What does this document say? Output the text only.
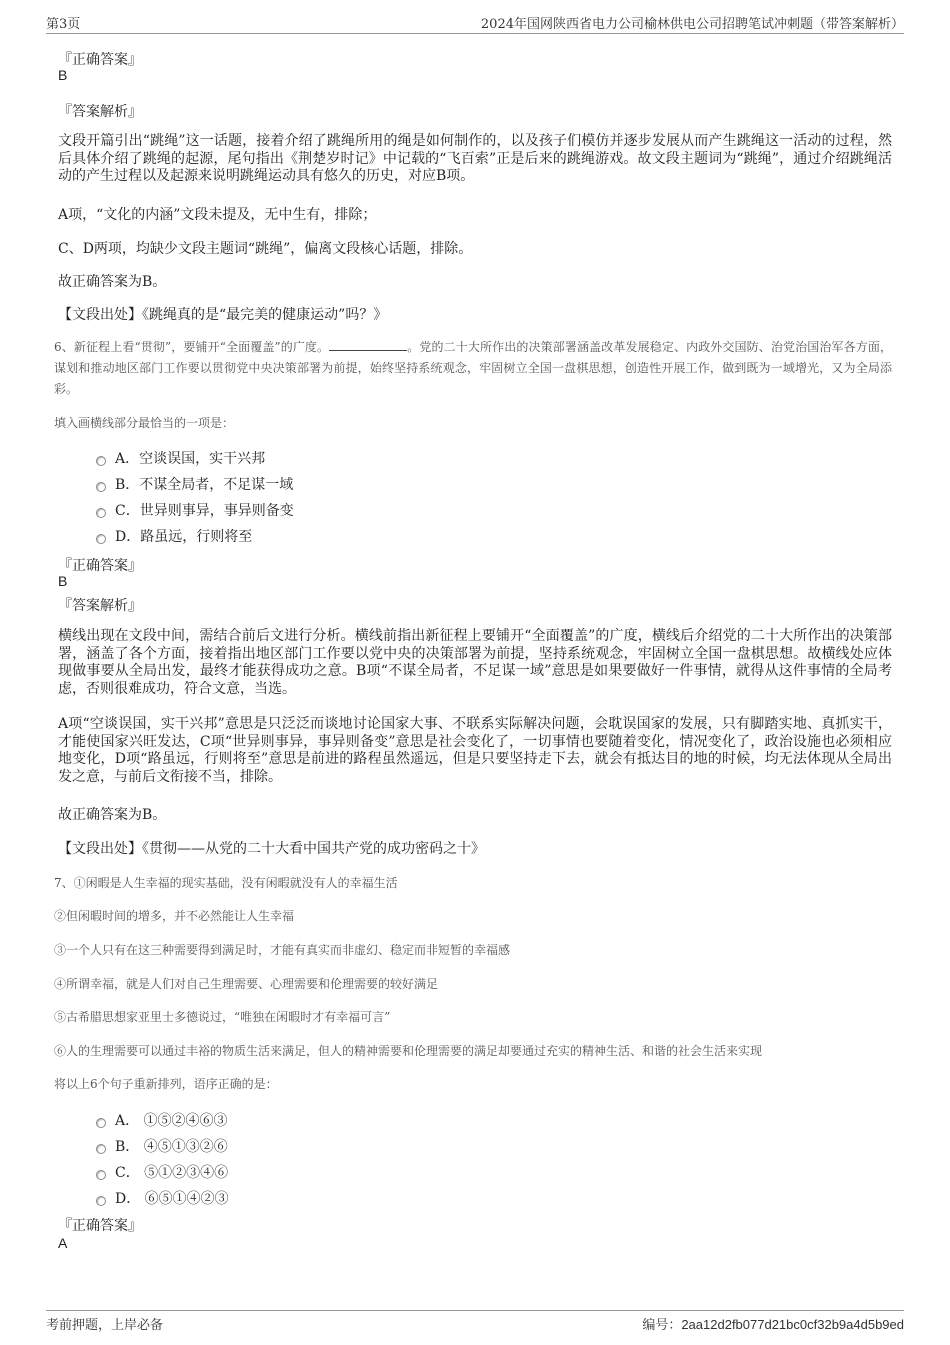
第3页	2024年国网陕西省电力公司榆林供电公司招聘笔试冲刺题（带答案解析）
『正确答案』
B
『答案解析』
文段开篇引出“跳绳”这一话题，接着介绍了跳绳所用的绳是如何制作的，以及孩子们模仿并逐步发展从而产生跳绳这一活动的过程，然后具体介绍了跳绳的起源，尾句指出《荆楚岁时记》中记载的“飞百索”正是后来的跳绳游戏。故文段主题词为“跳绳”，通过介绍跳绳活动的产生过程以及起源来说明跳绳运动具有悠久的历史，对应B项。
A项，“文化的内涵”文段未提及，无中生有，排除；
C、D两项，均缺少文段主题词“跳绳”，偏离文段核心话题，排除。
故正确答案为B。
【文段出处】《跳绳真的是“最完美的健康运动”吗？》
6、新征程上看“贯彻”，要铺开“全面覆盖”的广度。	。党的二十大所作出的决策部署涵盖改革发展稳定、内政外交国防、治党治国治军各方面，谋划和推动地区部门工作要以贯彻党中央决策部署为前提，始终坚持系统观念，牢固树立全国一盘棋思想，创造性开展工作，做到既为一域增光，又为全局添彩。
填入画横线部分最恰当的一项是：
A．空谈误国，实干兴邦
B．不谋全局者，不足谋一域
C．世异则事异，事异则备变
D．路虽远，行则将至
『正确答案』
B
『答案解析』
横线出现在文段中间，需结合前后文进行分析。横线前指出新征程上要铺开“全面覆盖”的广度，横线后介绍党的二十大所作出的决策部署，涵盖了各个方面，接着指出地区部门工作要以党中央的决策部署为前提，坚持系统观念，牢固树立全国一盘棋思想。故横线处应体现做事要从全局出发，最终才能获得成功之意。B项“不谋全局者，不足谋一域”意思是如果要做好一件事情，就得从这件事情的全局考虑，否则很难成功，符合文意，当选。
A项“空谈误国，实干兴邦”意思是只泛泛而谈地讨论国家大事、不联系实际解决问题，会耽误国家的发展，只有脚踏实地、真抓实干，才能使国家兴旺发达，C项“世异则事异，事异则备变”意思是社会变化了，一切事情也要随着变化，情况变化了，政治设施也必须相应地变化，D项“路虽远，行则将至”意思是前进的路程虽然遥远，但是只要坚持走下去，就会有抵达目的地的时候，均无法体现从全局出发之意，与前后文衔接不当，排除。
故正确答案为B。
【文段出处】《贯彻——从党的二十大看中国共产党的成功密码之十》
7、①闲暇是人生幸福的现实基础，没有闲暇就没有人的幸福生活
②但闲暇时间的增多，并不必然能让人生幸福
③一个人只有在这三种需要得到满足时，才能有真实而非虚幻、稳定而非短暂的幸福感
④所谓幸福，就是人们对自己生理需要、心理需要和伦理需要的较好满足
⑤古希腊思想家亚里士多德说过，“唯独在闲暇时才有幸福可言”
⑥人的生理需要可以通过丰裕的物质生活来满足，但人的精神需要和伦理需要的满足却要通过充实的精神生活、和谐的社会生活来实现
将以上6个句子重新排列，语序正确的是：
A． ①⑤②④⑥③
B． ④⑤①③②⑥
C． ⑤①②③④⑥
D． ⑥⑤①④②③
『正确答案』
A
考前押题，上岸必备	编号：2aa12d2fb077d21bc0cf32b9a4d5b9ed
